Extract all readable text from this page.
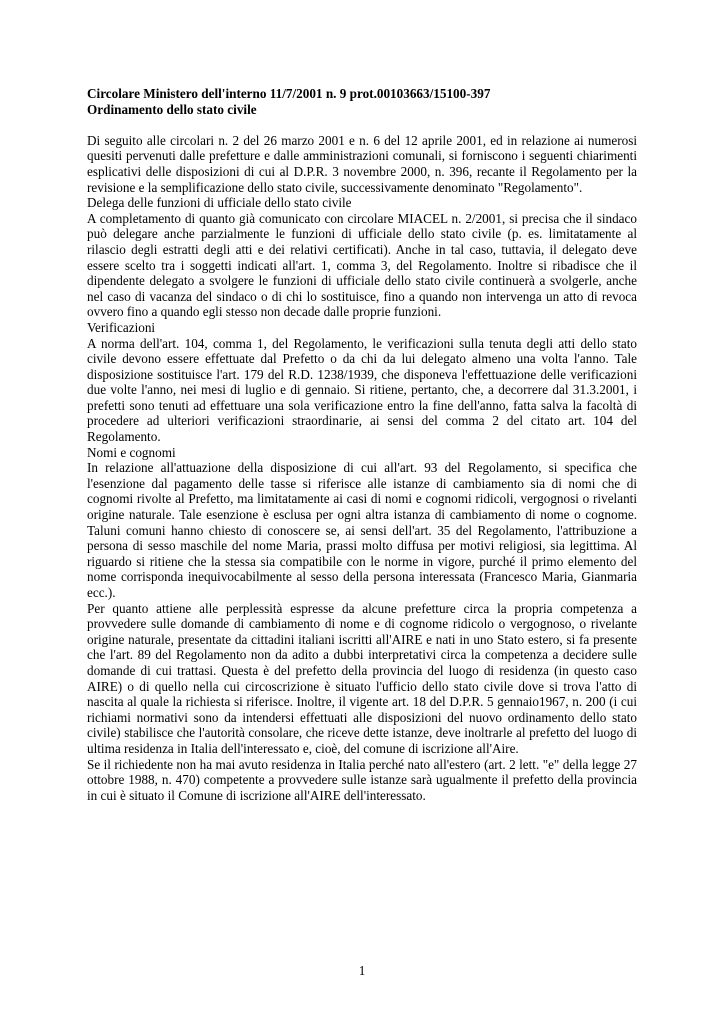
Circolare Ministero dell'interno 11/7/2001 n. 9 prot.00103663/15100-397

Ordinamento dello stato civile

Di seguito alle circolari n. 2 del 26 marzo 2001 e n. 6 del 12 aprile 2001, ed in relazione ai numerosi quesiti pervenuti dalle prefetture e dalle amministrazioni comunali, si forniscono i seguenti chiarimenti esplicativi delle disposizioni di cui al D.P.R. 3 novembre 2000, n. 396, recante il Regolamento per la revisione e la semplificazione dello stato civile, successivamente denominato "Regolamento".

Delega delle funzioni di ufficiale dello stato civile

A completamento di quanto già comunicato con circolare MIACEL n. 2/2001, si precisa che il sindaco può delegare anche parzialmente le funzioni di ufficiale dello stato civile (p. es. limitatamente al rilascio degli estratti degli atti e dei relativi certificati). Anche in tal caso, tuttavia, il delegato deve essere scelto tra i soggetti indicati all'art. 1, comma 3, del Regolamento. Inoltre si ribadisce che il dipendente delegato a svolgere le funzioni di ufficiale dello stato civile continuerà a svolgerle, anche nel caso di vacanza del sindaco o di chi lo sostituisce, fino a quando non intervenga un atto di revoca ovvero fino a quando egli stesso non decade dalle proprie funzioni.

Verificazioni

A norma dell'art. 104, comma 1, del Regolamento, le verificazioni sulla tenuta degli atti dello stato civile devono essere effettuate dal Prefetto o da chi da lui delegato almeno una volta l'anno. Tale disposizione sostituisce l'art. 179 del R.D. 1238/1939, che disponeva l'effettuazione delle verificazioni due volte l'anno, nei mesi di luglio e di gennaio. Si ritiene, pertanto, che, a decorrere dal 31.3.2001, i prefetti sono tenuti ad effettuare una sola verificazione entro la fine dell'anno, fatta salva la facoltà di procedere ad ulteriori verificazioni straordinarie, ai sensi del comma 2 del citato art. 104 del Regolamento.

Nomi e cognomi

In relazione all'attuazione della disposizione di cui all'art. 93 del Regolamento, si specifica che l'esenzione dal pagamento delle tasse si riferisce alle istanze di cambiamento sia di nomi che di cognomi rivolte al Prefetto, ma limitatamente ai casi di nomi e cognomi ridicoli, vergognosi o rivelanti origine naturale. Tale esenzione è esclusa per ogni altra istanza di cambiamento di nome o cognome. Taluni comuni hanno chiesto di conoscere se, ai sensi dell'art. 35 del Regolamento, l'attribuzione a persona di sesso maschile del nome Maria, prassi molto diffusa per motivi religiosi, sia legittima. Al riguardo si ritiene che la stessa sia compatibile con le norme in vigore, purché il primo elemento del nome corrisponda inequivocabilmente al sesso della persona interessata (Francesco Maria, Gianmaria ecc.).

Per quanto attiene alle perplessità espresse da alcune prefetture circa la propria competenza a provvedere sulle domande di cambiamento di nome e di cognome ridicolo o vergognoso, o rivelante origine naturale, presentate da cittadini italiani iscritti all'AIRE e nati in uno Stato estero, si fa presente che l'art. 89 del Regolamento non da adito a dubbi interpretativi circa la competenza a decidere sulle domande di cui trattasi. Questa è del prefetto della provincia del luogo di residenza (in questo caso AIRE) o di quello nella cui circoscrizione è situato l'ufficio dello stato civile dove si trova l'atto di nascita al quale la richiesta si riferisce. Inoltre, il vigente art. 18 del D.P.R. 5 gennaio1967, n. 200 (i cui richiami normativi sono da intendersi effettuati alle disposizioni del nuovo ordinamento dello stato civile) stabilisce che l'autorità consolare, che riceve dette istanze, deve inoltrarle al prefetto del luogo di ultima residenza in Italia dell'interessato e, cioè, del comune di iscrizione all'Aire.

Se il richiedente non ha mai avuto residenza in Italia perché nato all'estero (art. 2 lett. "e" della legge 27 ottobre 1988, n. 470) competente a provvedere sulle istanze sarà ugualmente il prefetto della provincia in cui è situato il Comune di iscrizione all'AIRE dell'interessato.

1
